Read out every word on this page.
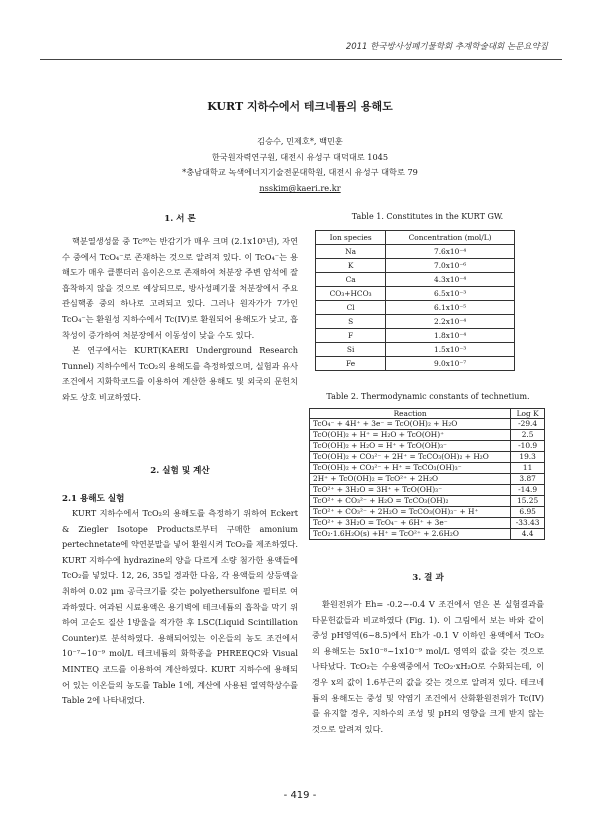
2011 한국방사성폐기물학회 추계학술대회 논문요약집
KURT 지하수에서 테크네튬의 용해도
김승수, 민제호*, 백민훈
한국원자력연구원, 대전시 유성구 대덕대로 1045
*충남대학교 녹색에너지기술전문대학원, 대전시 유성구 대학로 79
nsskim@kaeri.re.kr
1. 서 론

핵분열생성물 중 Tc⁹⁹는 반감기가 매우 크며 (2.1x10⁵년), 자연수 중에서 TcO₄⁻로 존재하는 것으로 알려져 있다. 이 TcO₄⁻는 용해도가 매우 클뿐더러 음이온으로 존재하여 처분장 주변 암석에 잘 흡착하지 않을 것으로 예상되므로, 방사성폐기물 처분장에서 주요 관심핵종 중의 하나로 고려되고 있다. 그러나 원자가가 7가인 TcO₄⁻는 환원성 지하수에서 Tc(IV)로 환원되어 용해도가 낮고, 흡착성이 증가하여 처분장에서 이동성이 낮을 수도 있다.

본 연구에서는 KURT(KAERI Underground Research Tunnel) 지하수에서 TcO₂의 용해도를 측정하였으며, 실험과 유사조건에서 지화학코드를 이용하여 계산한 용해도 및 외국의 문헌치와도 상호 비교하였다.

2. 실험 및 계산
2.1 용해도 실험

KURT 지하수에서 TcO₂의 용해도를 측정하기 위하여 Eckert & Ziegler Isotope Products로부터 구매한 amonium pertechnetate에 약연분말을 넣어 환원시켜 TcO₂를 제조하였다. KURT 지하수에 hydrazine의 양을 다르게 소량 첨가한 용액들에 TcO₂를 넣었다. 12, 26, 35일 경과한 다음, 각 용액들의 상등액을 취하여 0.02 μm 공극크기를 갖는 polyethersulfone 필터로 여과하였다. 여과된 시료용액은 용기벽에 테크네튬의 흡착을 막기 위하여 고순도 질산 1방울을 적가한 후 LSC(Liquid Scintillation Counter)로 분석하였다. 용해되어있는 이온들의 농도 조건에서 10⁻⁷~10⁻⁹ mol/L 테크네튬의 화학종을 PHREEQC와 Visual MINTEQ 코드를 이용하여 계산하였다. KURT 지하수에 용해되어 있는 이온들의 농도를 Table 1에, 계산에 사용된 열역학상수를 Table 2에 나타내었다.

Table 1. Constitutes in the KURT GW.
Ion species	Concentration (mol/L)
Na	7.6x10⁻⁴
K	7.0x10⁻⁶
Ca	4.3x10⁻⁴
CO₃+HCO₃	6.5x10⁻³
Cl	6.1x10⁻⁵
S	2.2x10⁻⁴
F	1.8x10⁻⁴
Si	1.5x10⁻³
Fe	9.0x10⁻⁷
Table 2. Thermodynamic constants of technetium.
Reaction	Log K
TcO₄⁻ + 4H⁺ + 3e⁻ = TcO(OH)₂ + H₂O	-29.4
TcO(OH)₂ + H⁺ = H₂O + TcO(OH)⁺	2.5
TcO(OH)₂ + H₂O = H⁺ + TcO(OH)₃⁻	-10.9
TcO(OH)₂ + CO₃²⁻ + 2H⁺ = TcCO₃(OH)₂ + H₂O	19.3
TcO(OH)₂ + CO₃²⁻ + H⁺ = TcCO₃(OH)₃⁻	11
2H⁺ + TcO(OH)₂ = TcO²⁺ + 2H₂O	3.87
TcO²⁺ + 3H₂O = 3H⁺ + TcO(OH)₃⁻	-14.9
TcO²⁺ + CO₃²⁻ + H₂O = TcCO₃(OH)₂	15.25
TcO²⁺ + CO₃²⁻ + 2H₂O = TcCO₃(OH)₃⁻ + H⁺	6.95
TcO²⁺ + 3H₂O = TcO₄⁻ + 6H⁺ + 3e⁻	-33.43
TcO₂·1.6H₂O(s) +H⁺ = TcO²⁺ + 2.6H₂O	4.4
3. 결 과

환원전위가 Eh= -0.2~-0.4 V 조건에서 얻은 본 실험결과를 타문헌값들과 비교하였다 (Fig. 1). 이 그림에서 보는 바와 같이 중성 pH영역(6~8.5)에서 Eh가 -0.1 V 이하인 용액에서 TcO₂의 용해도는 5x10⁻⁸~1x10⁻⁹ mol/L 영역의 값을 갖는 것으로 나타났다. TcO₂는 수용액중에서 TcO₂·xH₂O로 수화되는데, 이 경우 x의 값이 1.6부근의 값을 갖는 것으로 알려져 있다. 테크네튬의 용해도는 중성 및 약염기 조건에서 산화환원전위가 Tc(IV)를 유지할 경우, 지하수의 조성 및 pH의 영향을 크게 받지 않는 것으로 알려져 있다.

- 419 -
